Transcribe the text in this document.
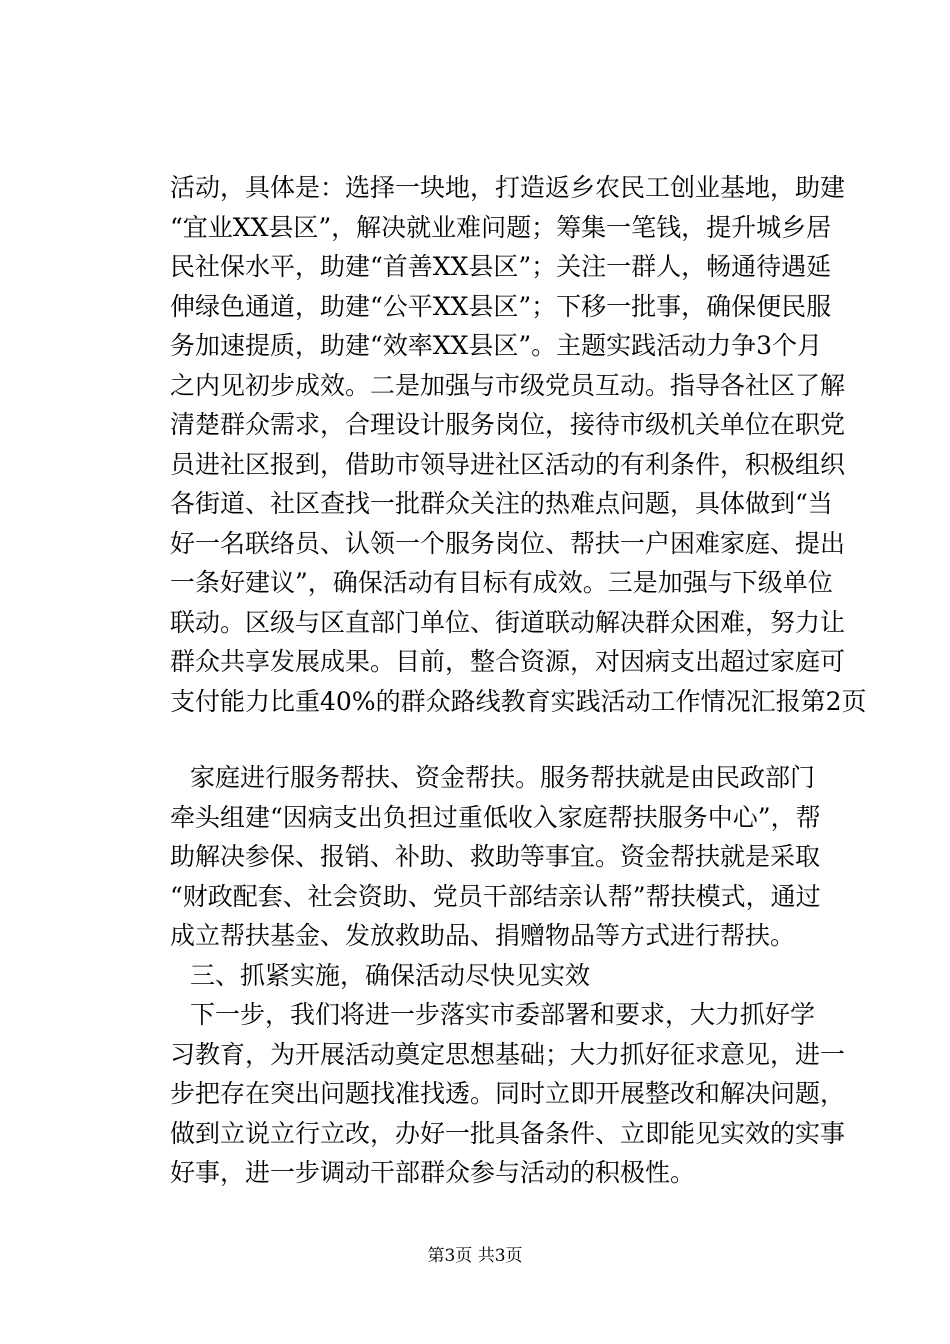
活动，具体是：选择一块地，打造返乡农民工创业基地，助建
“宜业XX县区”，解决就业难问题；筹集一笔钱，提升城乡居
民社保水平，助建“首善XX县区”；关注一群人，畅通待遇延
伸绿色通道，助建“公平XX县区”；下移一批事，确保便民服
务加速提质，助建“效率XX县区”。主题实践活动力争3个月
之内见初步成效。二是加强与市级党员互动。指导各社区了解
清楚群众需求，合理设计服务岗位，接待市级机关单位在职党
员进社区报到，借助市领导进社区活动的有利条件，积极组织
各街道、社区查找一批群众关注的热难点问题，具体做到“当
好一名联络员、认领一个服务岗位、帮扶一户困难家庭、提出
一条好建议”，确保活动有目标有成效。三是加强与下级单位
联动。区级与区直部门单位、街道联动解决群众困难，努力让
群众共享发展成果。目前，整合资源，对因病支出超过家庭可
支付能力比重40%的群众路线教育实践活动工作情况汇报第2页
家庭进行服务帮扶、资金帮扶。服务帮扶就是由民政部门
牵头组建“因病支出负担过重低收入家庭帮扶服务中心”，帮
助解决参保、报销、补助、救助等事宜。资金帮扶就是采取
“财政配套、社会资助、党员干部结亲认帮”帮扶模式，通过
成立帮扶基金、发放救助品、捐赠物品等方式进行帮扶。
三、抓紧实施，确保活动尽快见实效
下一步，我们将进一步落实市委部署和要求，大力抓好学
习教育，为开展活动奠定思想基础；大力抓好征求意见，进一
步把存在突出问题找准找透。同时立即开展整改和解决问题，
做到立说立行立改，办好一批具备条件、立即能见实效的实事
好事，进一步调动干部群众参与活动的积极性。
第3页 共3页
